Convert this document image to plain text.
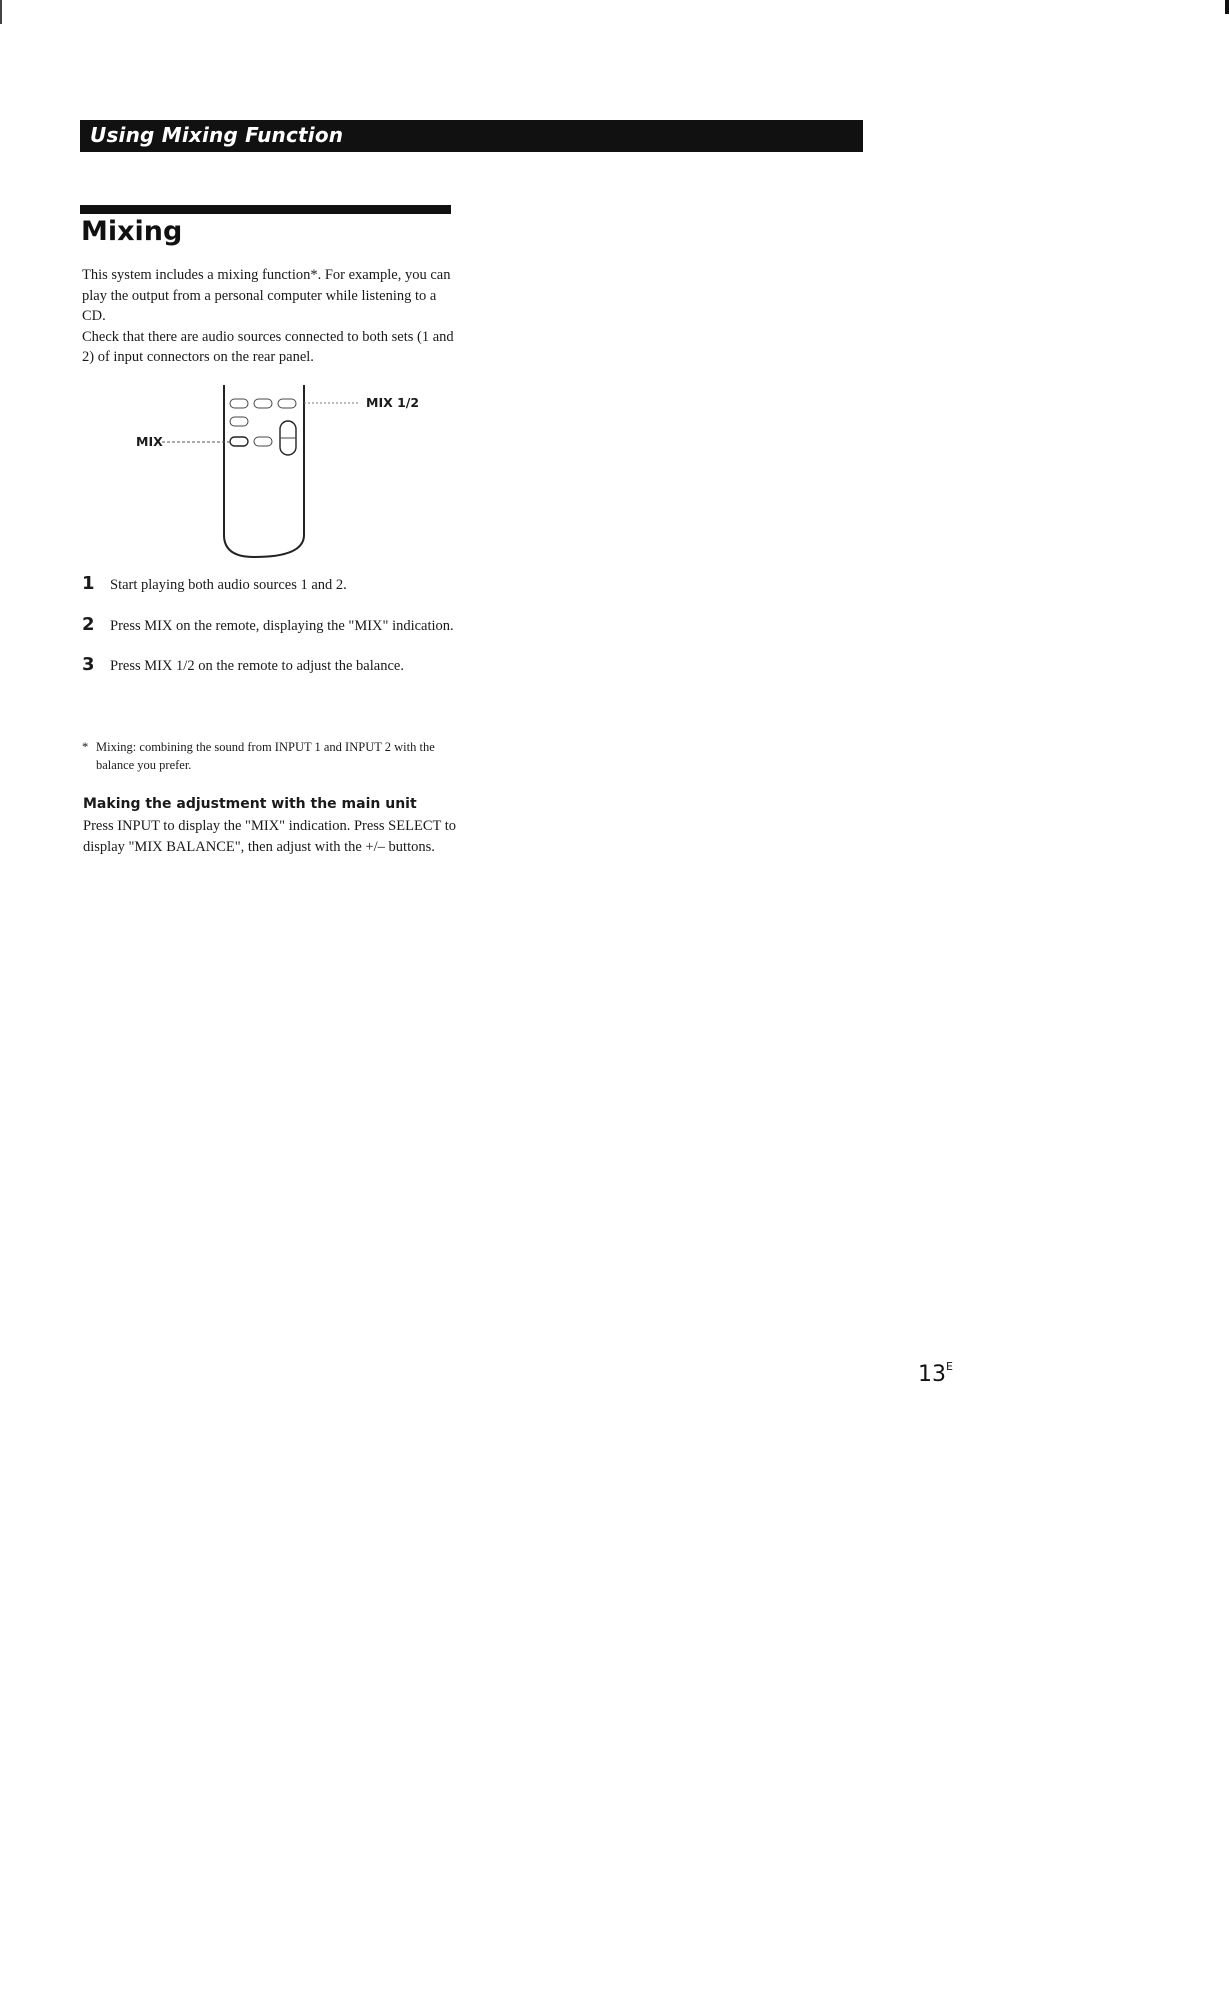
Using Mixing Function
Mixing

This system includes a mixing function*. For example, you can play the output from a personal computer while listening to a CD.

Check that there are audio sources connected to both sets (1 and 2) of input connectors on the rear panel.

MIX
MIX 1/2
1 Start playing both audio sources 1 and 2.
2 Press MIX on the remote, displaying the "MIX" indication.
3 Press MIX 1/2 on the remote to adjust the balance.
* Mixing: combining the sound from INPUT 1 and INPUT 2 with the balance you prefer.
Making the adjustment with the main unit

Press INPUT to display the "MIX" indication. Press SELECT to display "MIX BALANCE", then adjust with the +/– buttons.

$13^E$
